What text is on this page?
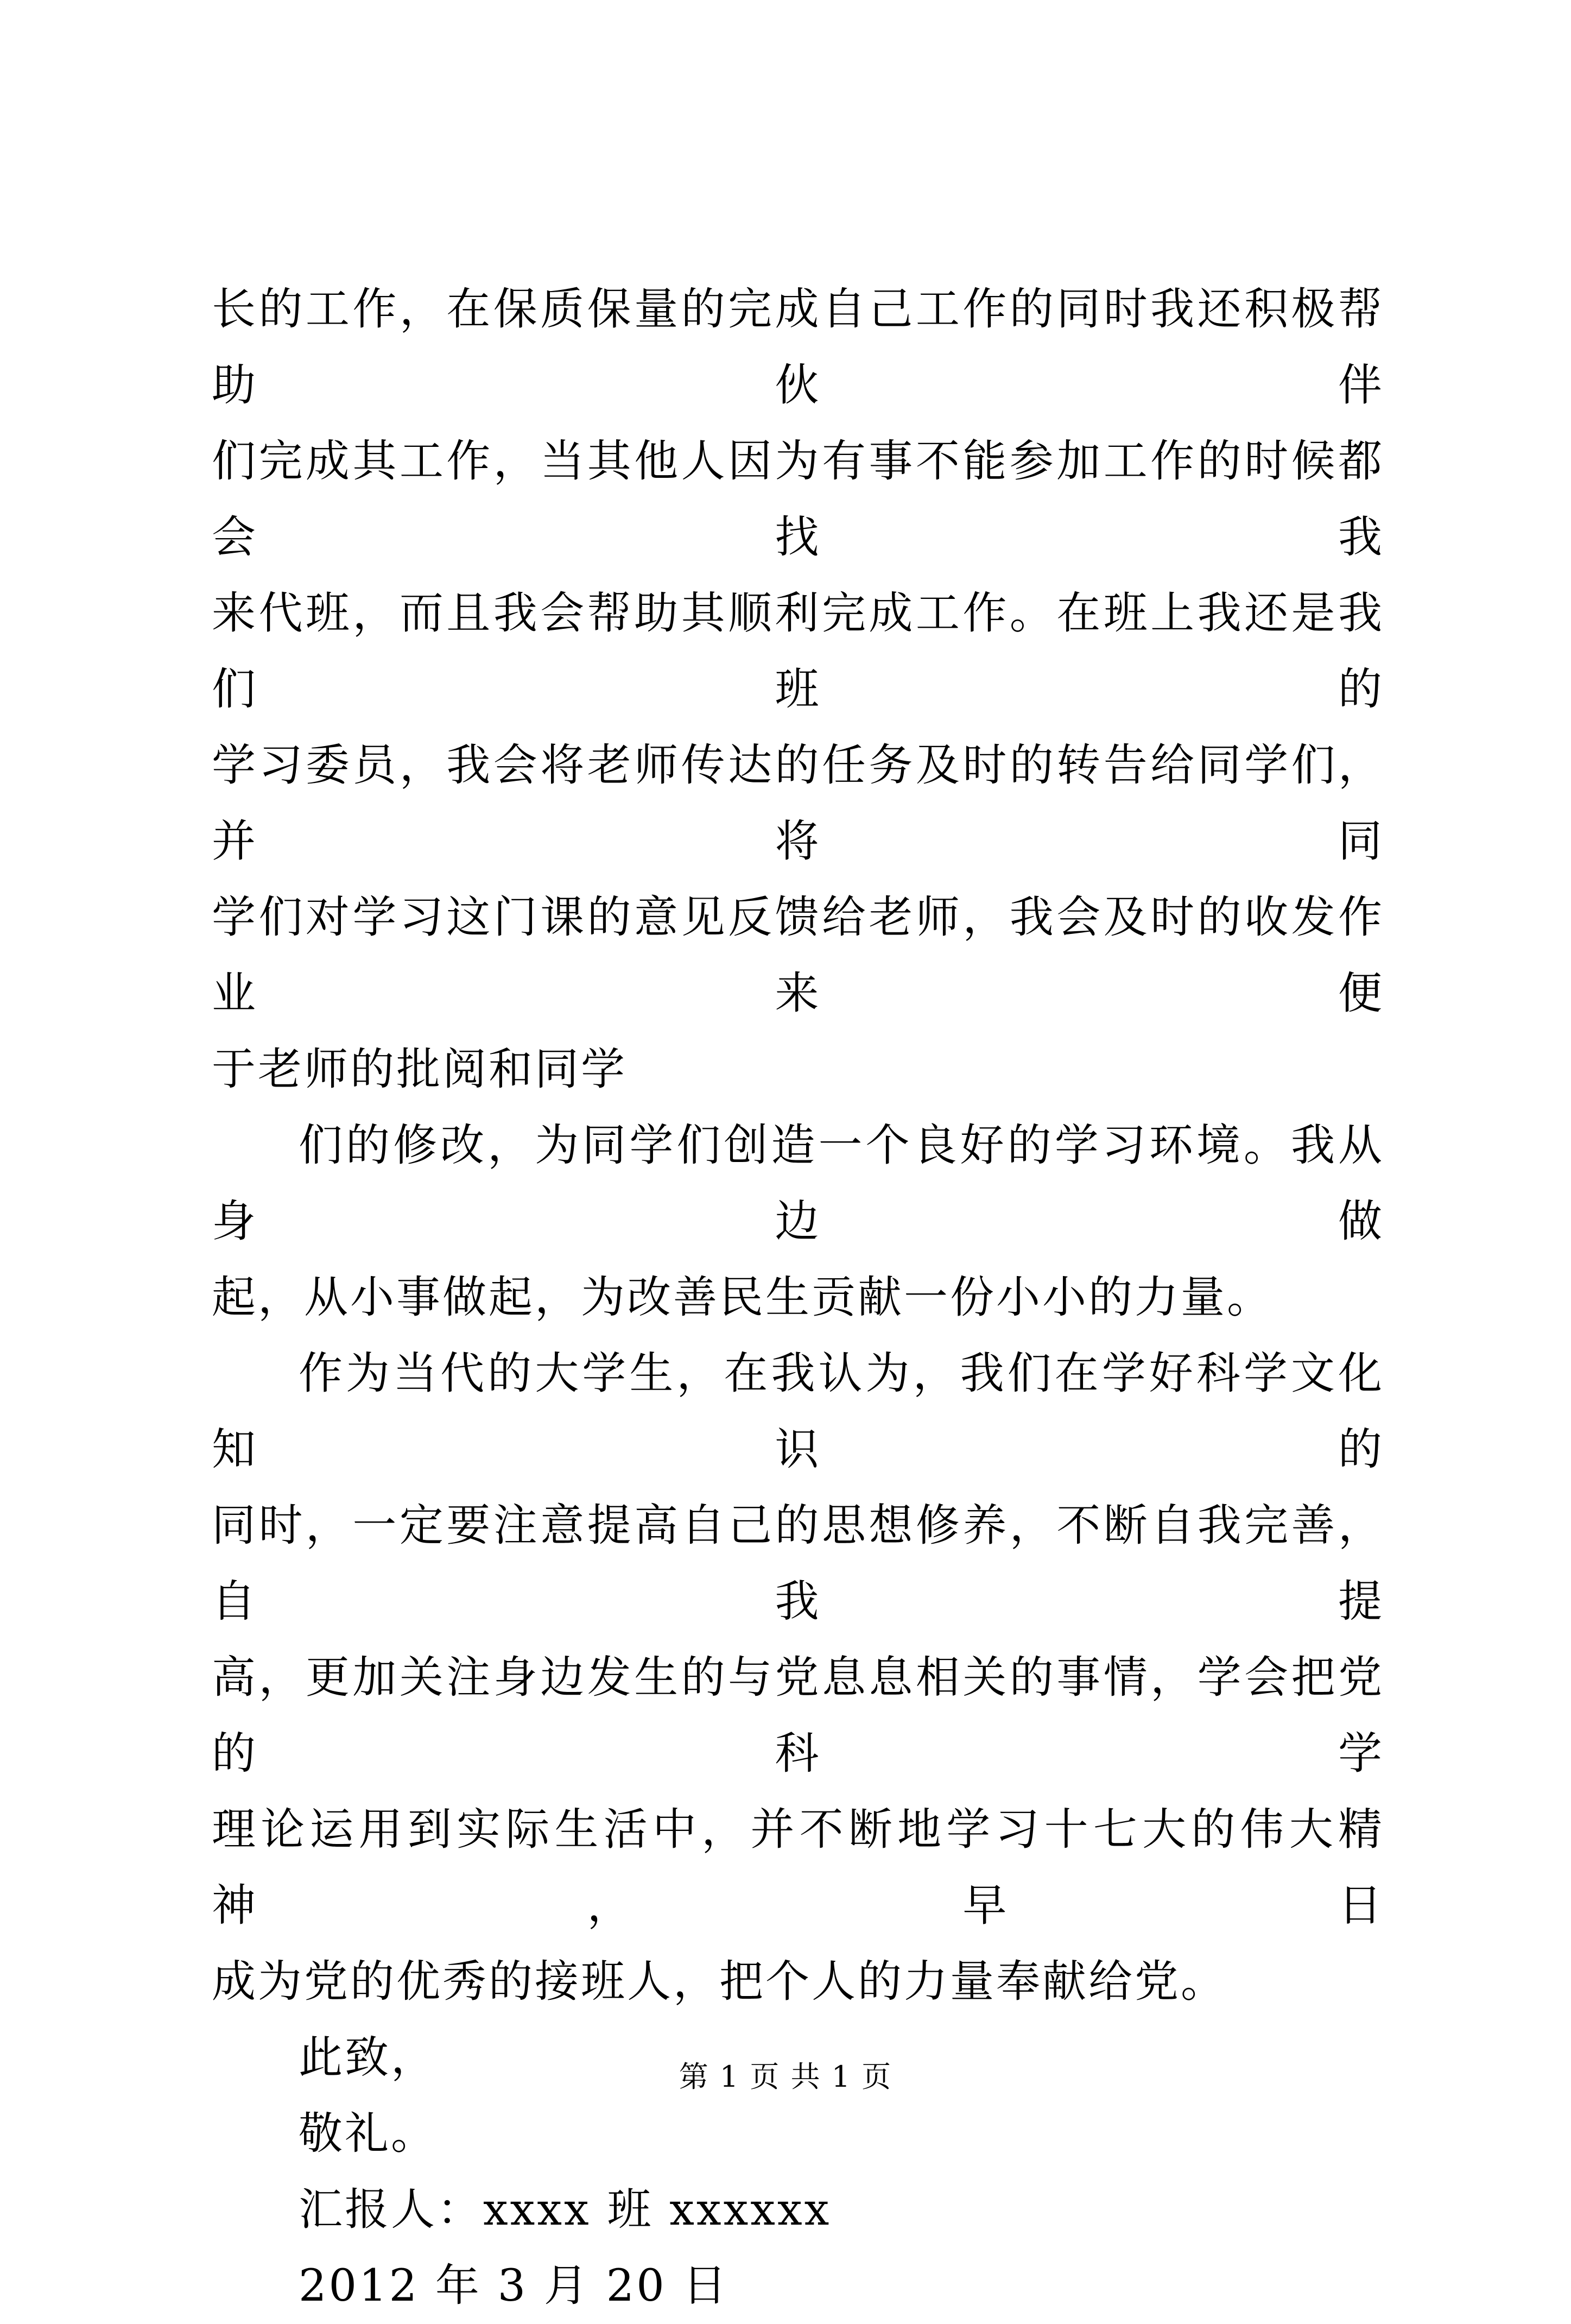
长的工作，在保质保量的完成自己工作的同时我还积极帮助伙伴
们完成其工作，当其他人因为有事不能参加工作的时候都会找我
来代班，而且我会帮助其顺利完成工作。在班上我还是我们班的
学习委员，我会将老师传达的任务及时的转告给同学们，并将同
学们对学习这门课的意见反馈给老师，我会及时的收发作业来便
于老师的批阅和同学
们的修改，为同学们创造一个良好的学习环境。我从身边做
起，从小事做起，为改善民生贡献一份小小的力量。
作为当代的大学生，在我认为，我们在学好科学文化知识的
同时，一定要注意提高自己的思想修养，不断自我完善，自我提
高，更加关注身边发生的与党息息相关的事情，学会把党的科学
理论运用到实际生活中，并不断地学习十七大的伟大精神，早日
成为党的优秀的接班人，把个人的力量奉献给党。
此致，
敬礼。
汇报人：xxxx 班 xxxxxx
2012 年 3 月 20 日
第 1 页 共 1 页
